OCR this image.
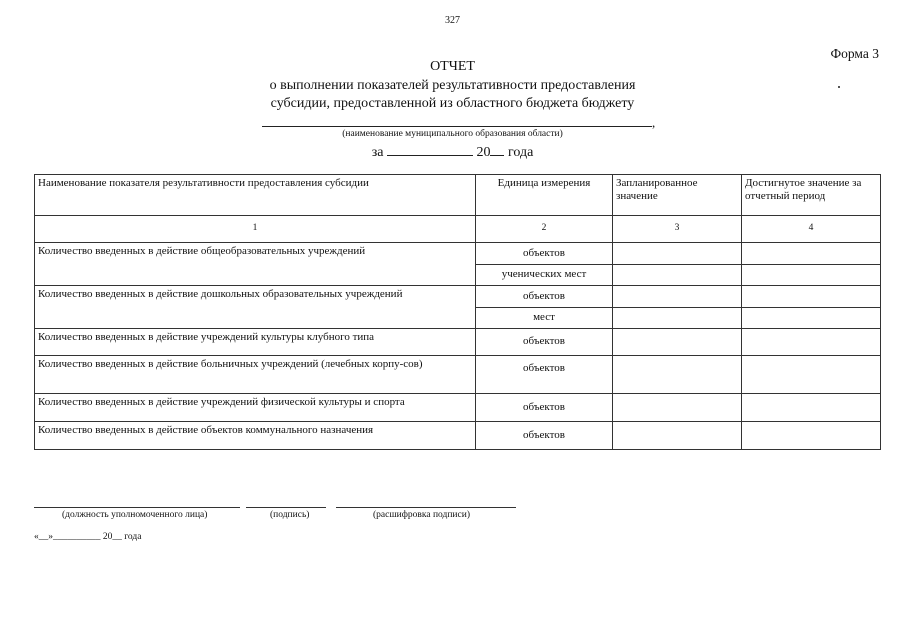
327
Форма 3
ОТЧЕТ
о выполнении показателей результативности предоставления
субсидии, предоставленной из областного бюджета бюджету
,
(наименование муниципального образования области)
за	20 года
Наименование показателя результативности предоставления субсидии	Единица измерения	Запланированное значение	Достигнутое значение за отчетный период
1	2	3	4
Количество введенных в действие общеобразовательных учреждений	объектов		
	ученических мест		
Количество введенных в действие дошкольных образовательных учреждений	объектов		
	мест		
Количество введенных в действие учреждений культуры клубного типа	объектов		
Количество введенных в действие больничных учреждений (лечебных корпу-сов)	объектов		
Количество введенных в действие учреждений физической культуры и спорта	объектов		
Количество введенных в действие объектов коммунального назначения	объектов		
(должность уполномоченного лица)	(подпись)	(расшифровка подписи)
«__»__________ 20__ года
